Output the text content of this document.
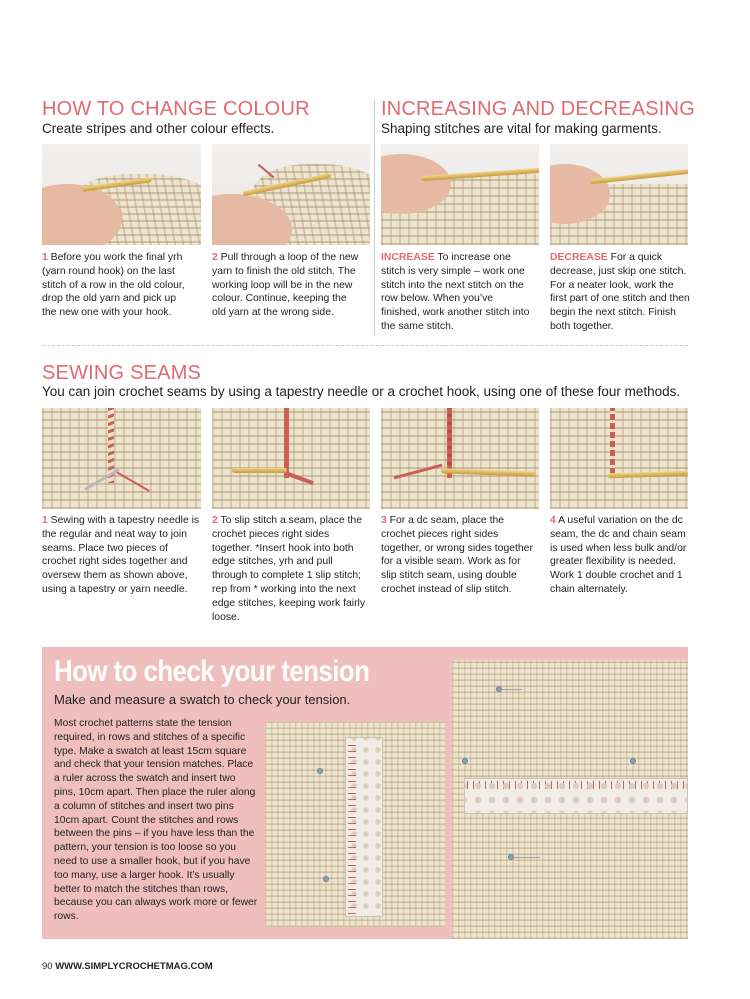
HOW TO CHANGE COLOUR
Create stripes and other colour effects.
1 Before you work the final yrh (yarn round hook) on the last stitch of a row in the old colour, drop the old yarn and pick up the new one with your hook.
2 Pull through a loop of the new yarn to finish the old stitch. The working loop will be in the new colour. Continue, keeping the old yarn at the wrong side.
INCREASING AND DECREASING
Shaping stitches are vital for making garments.
INCREASE To increase one stitch is very simple – work one stitch into the next stitch on the row below. When you’ve finished, work another stitch into the same stitch.
DECREASE For a quick decrease, just skip one stitch. For a neater look, work the first part of one stitch and then begin the next stitch. Finish both together.
SEWING SEAMS
You can join crochet seams by using a tapestry needle or a crochet hook, using one of these four methods.
1 Sewing with a tapestry needle is the regular and neat way to join seams. Place two pieces of crochet right sides together and oversew them as shown above, using a tapestry or yarn needle.
2 To slip stitch a seam, place the crochet pieces right sides together. *Insert hook into both edge stitches, yrh and pull through to complete 1 slip stitch; rep from * working into the next edge stitches, keeping work fairly loose.
3 For a dc seam, place the crochet pieces right sides together, or wrong sides together for a visible seam. Work as for slip stitch seam, using double crochet instead of slip stitch.
4 A useful variation on the dc seam, the dc and chain seam is used when less bulk and/or greater flexibility is needed. Work 1 double crochet and 1 chain alternately.
How to check your tension
Make and measure a swatch to check your tension.
Most crochet patterns state the tension required, in rows and stitches of a specific type. Make a swatch at least 15cm square and check that your tension matches. Place a ruler across the swatch and insert two pins, 10cm apart. Then place the ruler along a column of stitches and insert two pins 10cm apart. Count the stitches and rows between the pins – if you have less than the pattern, your tension is too loose so you need to use a smaller hook, but if you have too many, use a larger hook. It’s usually better to match the stitches than rows, because you can always work more or fewer rows.
90 WWW.SIMPLYCROCHETMAG.COM
